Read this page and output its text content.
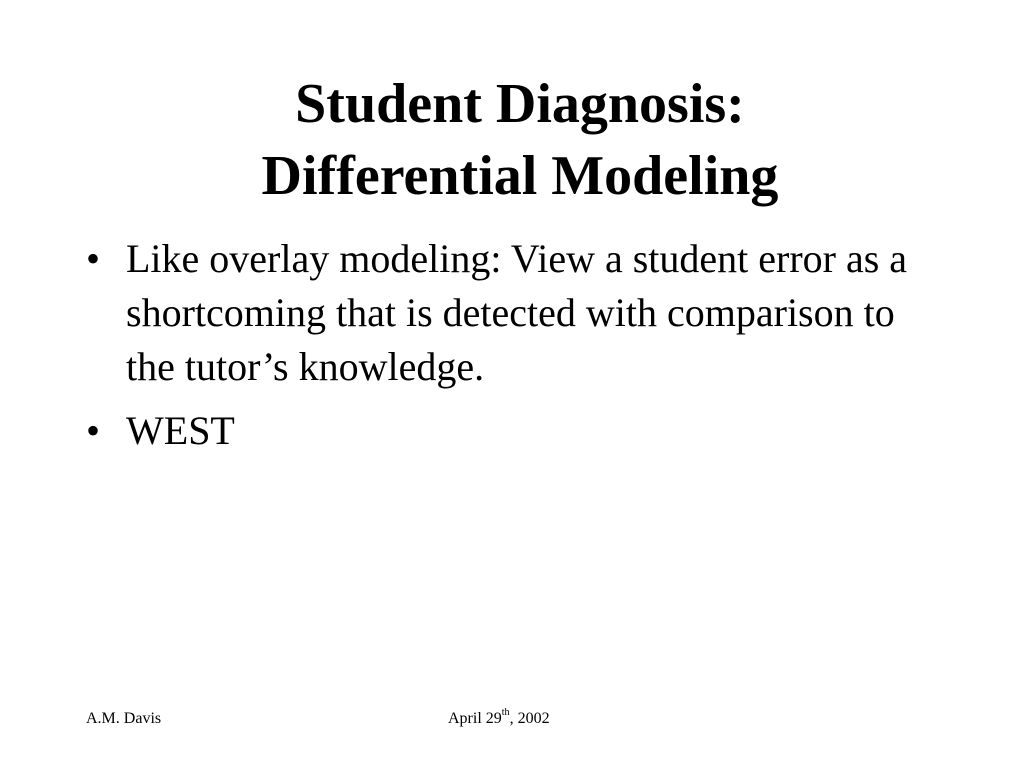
Student Diagnosis:
Differential Modeling
• Like overlay modeling: View a student error as a shortcoming that is detected with comparison to the tutor’s knowledge.
• WEST
A.M. Davis	April 29th, 2002
